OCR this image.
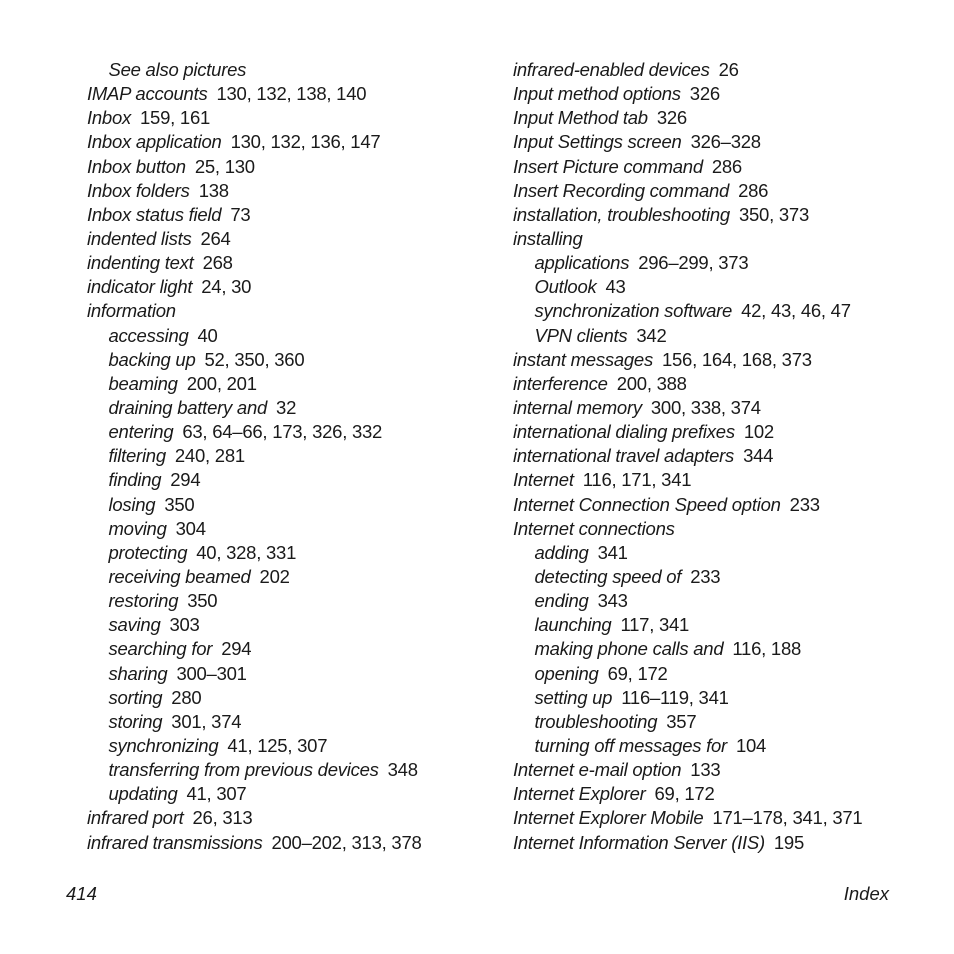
See also pictures
IMAP accounts 130, 132, 138, 140
Inbox 159, 161
Inbox application 130, 132, 136, 147
Inbox button 25, 130
Inbox folders 138
Inbox status field 73
indented lists 264
indenting text 268
indicator light 24, 30
information
accessing 40
backing up 52, 350, 360
beaming 200, 201
draining battery and 32
entering 63, 64–66, 173, 326, 332
filtering 240, 281
finding 294
losing 350
moving 304
protecting 40, 328, 331
receiving beamed 202
restoring 350
saving 303
searching for 294
sharing 300–301
sorting 280
storing 301, 374
synchronizing 41, 125, 307
transferring from previous devices 348
updating 41, 307
infrared port 26, 313
infrared transmissions 200–202, 313, 378
infrared-enabled devices 26
Input method options 326
Input Method tab 326
Input Settings screen 326–328
Insert Picture command 286
Insert Recording command 286
installation, troubleshooting 350, 373
installing
applications 296–299, 373
Outlook 43
synchronization software 42, 43, 46, 47
VPN clients 342
instant messages 156, 164, 168, 373
interference 200, 388
internal memory 300, 338, 374
international dialing prefixes 102
international travel adapters 344
Internet 116, 171, 341
Internet Connection Speed option 233
Internet connections
adding 341
detecting speed of 233
ending 343
launching 117, 341
making phone calls and 116, 188
opening 69, 172
setting up 116–119, 341
troubleshooting 357
turning off messages for 104
Internet e-mail option 133
Internet Explorer 69, 172
Internet Explorer Mobile 171–178, 341, 371
Internet Information Server (IIS) 195
414	Index
